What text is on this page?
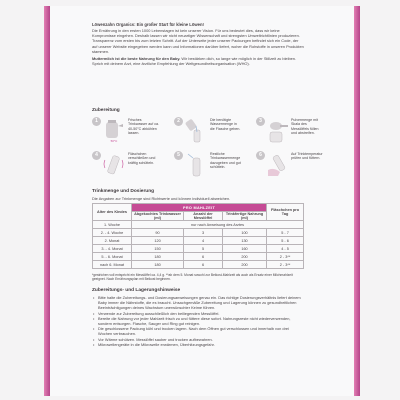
Löwenzahn Organics: Ein großer Start für kleine Löwen!
Die Ernährung in den ersten 1000 Lebenstagen ist kein unserer Vision. Für uns bedeutet dies, dass wir keine Kompromisse eingehen. Deshalb lassen wir nicht neuartiger Wissenschaft und strengsten Umweltrichtlinien produzieren. Transparenz vom ersten bis zum letzten Schritt. Auf der Unterseite jeder unserer Packungen befindet sich ein Code, der auf unserer Website eingegeben werden kann und Informationen darüber liefert, woher die Rohstoffe in unseren Produkten stammen.
Muttermilch ist die beste Nahrung für den Baby. Wir bestärken dich, so lange wie möglich in der Stillzeit zu bleiben. Sprich mit deinem Arzt, eine ärztliche Empfehlung der Weltgesundheitsorganisation (WHO).
Zubereitung
50°C
1	Frisches Trinkwasser auf ca. 40-50°C abkühlen lassen.
2	Die benötigte Wassermenge in die Flasche geben.
3	Pulvermenge mit Skala des Messlöffels füllen und abstreifen.
4	Fläschchen verschließen und kräftig schütteln.
5	Restliche Trinkwassermenge dazugeben und gut schütteln.
6	Auf Trinktemperatur prüfen und füttern.
Trinkmenge und Dosierung
Die Angaben zur Trinkmenge sind Richtwerte und können individuell abweichen.
Alter des Kindes	PRO MAHLZEIT			Fläschchen pro Tag
	Abgekochtes Trinkwasser (ml)	Anzahl der Messlöffel	Trinkfertige Nahrung (ml)	
1. Woche	nur nach Anweisung des Arztes			
2. - 4. Woche	90	3	100	5 - 7
2. Monat	120	4	130	5 - 6
3. - 4. Monat	150	5	160	4 - 5
5. - 6. Monat	180	6	200	2 - 3**
nach 6. Monat	180	6	200	2 - 3**
*gestrichen voll entspricht ein Messlöffel ca. 4,4 g. **ab dem 5. Monat sowohl zur Beikost-Mahlzeit als auch als Ersatz einer Milchmahlzeit geeignet. Nach Ernährungsplan mit Beikost beginnen.
Zubereitungs- und Lagerungshinweise
• Bitte halte die Zubereitungs- und Dosierungsanweisungen genau ein. Das richtige Dosierungsverhältnis liefert deinem Baby immer die Nährstoffe, die es braucht. Unsachgemäße Zubereitung und Lagerung können zu gesundheitlichen Beeinträchtigungen deines Wachstum unerwünschter Keime führen.
• Verwende zur Zubereitung ausschließlich den beiliegenden Messlöffel.
• Bereite die Nahrung vor jeder Mahlzeit frisch zu und füttere diese sofort. Nahrungsreste nicht wiederverwenden, sondern entsorgen. Flasche, Sauger und Ring gut reinigen.
• Die geschlossene Packung kühl und trocken lagern. Nach dem Öffnen gut verschlossen und innerhalb von drei Wochen verbrauchen.
• Vor Wärme schützen. Messlöffel sauber und trocken aufbewahren.
• Mikrowellengeräte in die Mikrowelle erwärmen, Überhitzungsgefahr.
